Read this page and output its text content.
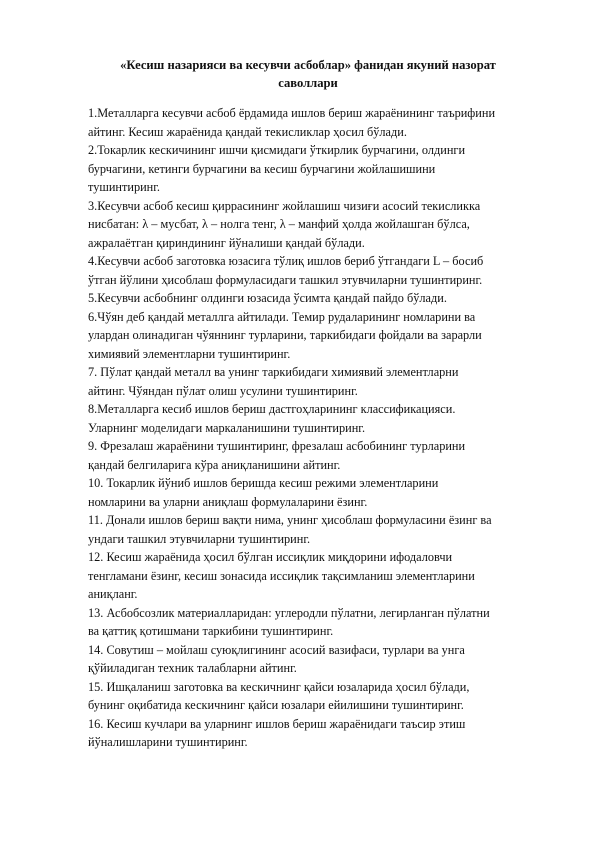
«Кесиш назарияси ва кесувчи асбоблар» фанидан якуний назорат
саволлари
1.Металларга кесувчи асбоб ёрдамида ишлов бериш жараёнининг таърифини
айтинг. Кесиш жараёнида қандай текисликлар ҳосил бўлади.
2.Токарлик кескичининг ишчи қисмидаги ўткирлик бурчагини, олдинги
бурчагини, кетинги бурчагини ва кесиш бурчагини жойлашишини
тушинтиринг.
3.Кесувчи асбоб кесиш қиррасининг жойлашиш чизиғи асосий текисликка
нисбатан: λ – мусбат, λ – нолга тенг, λ – манфий ҳолда жойлашган бўлса,
ажралаётган қириндининг йўналиши қандай бўлади.
4.Кесувчи асбоб заготовка юзасига тўлиқ ишлов бериб ўтгандаги L – босиб
ўтган йўлини ҳисоблаш формуласидаги ташкил этувчиларни тушинтиринг.
5.Кесувчи асбобнинг олдинги юзасида ўсимта қандай пайдо бўлади.
6.Чўян деб қандай металлга айтилади. Темир рудаларининг номларини ва
улардан олинадиган чўяннинг турларини, таркибидаги фойдали ва зарарли
химиявий элементларни тушинтиринг.
7. Пўлат қандай металл ва унинг таркибидаги химиявий элементларни
айтинг. Чўяндан пўлат олиш усулини тушинтиринг.
8.Металларга кесиб ишлов бериш дастгоҳларининг классификацияси.
Уларнинг моделидаги маркаланишини тушинтиринг.
9. Фрезалаш жараёнини тушинтиринг, фрезалаш асбобининг турларини
қандай белгиларига кўра аниқланишини айтинг.
10. Токарлик йўниб ишлов беришда кесиш режими элементларини
номларини ва уларни аниқлаш формулаларини ёзинг.
11. Донали ишлов бериш вақти нима, унинг ҳисоблаш формуласини ёзинг ва
ундаги ташкил этувчиларни тушинтиринг.
12. Кесиш жараёнида ҳосил бўлган иссиқлик миқдорини ифодаловчи
тенгламани ёзинг, кесиш зонасида иссиқлик тақсимланиш элементларини
аниқланг.
13. Асбобсозлик материалларидан: углеродли пўлатни, легирланган пўлатни
ва қаттиқ қотишмани таркибини тушинтиринг.
14. Совутиш – мойлаш суюқлигининг асосий вазифаси, турлари ва унга
қўйиладиган техник талабларни айтинг.
15. Ишқаланиш заготовка ва кескичнинг қайси юзаларида ҳосил бўлади,
бунинг оқибатида кескичнинг қайси юзалари ейилишини тушинтиринг.
16. Кесиш кучлари ва уларнинг ишлов бериш жараёнидаги таъсир этиш
йўналишларини тушинтиринг.
